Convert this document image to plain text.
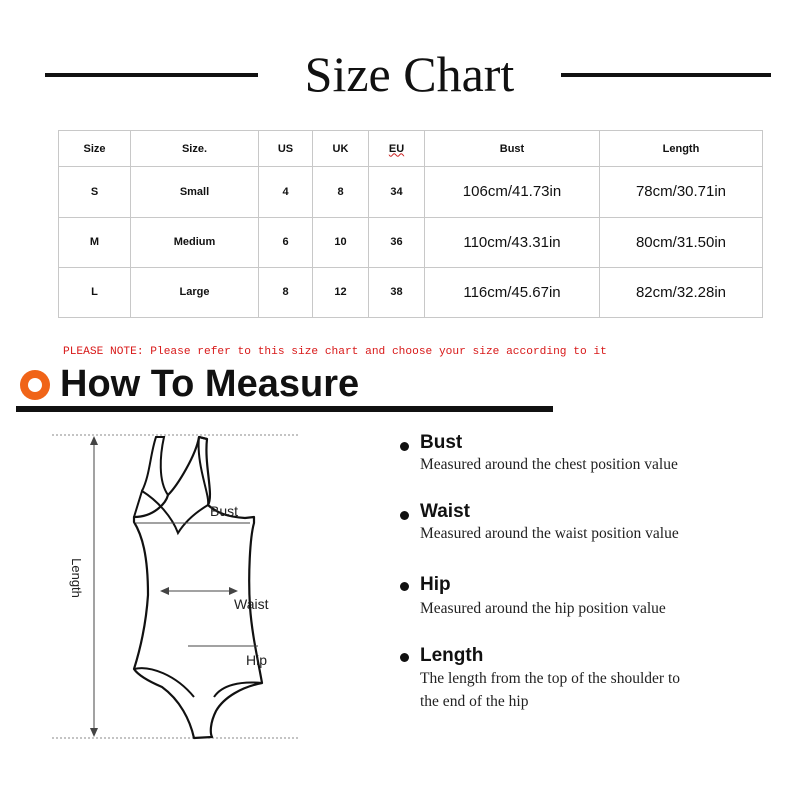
Size Chart
Size	Size.	US	UK	EU	Bust	Length
S	Small	4	8	34	106cm/41.73in	78cm/30.71in
M	Medium	6	10	36	110cm/43.31in	80cm/31.50in
L	Large	8	12	38	116cm/45.67in	82cm/32.28in
PLEASE NOTE: Please refer to this size chart and choose your size according to it
How To Measure
Length
Bust
Waist
Hip
Bust
Measured around the chest position value
Waist
Measured around the waist position value
Hip
Measured around the hip position value
Length
The length from the top of the shoulder to
the end of the hip
